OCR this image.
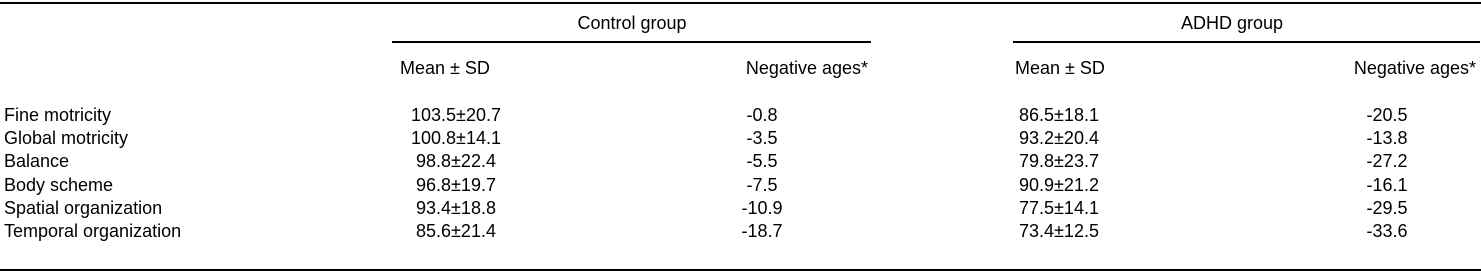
Control group	ADHD group
Mean ± SD	Negative ages*	Mean ± SD	Negative ages*
Fine motricity	103.5±20.7	-0.8	86.5±18.1	-20.5
Global motricity	100.8±14.1	-3.5	93.2±20.4	-13.8
Balance	98.8±22.4	-5.5	79.8±23.7	-27.2
Body scheme	96.8±19.7	-7.5	90.9±21.2	-16.1
Spatial organization	93.4±18.8	-10.9	77.5±14.1	-29.5
Temporal organization	85.6±21.4	-18.7	73.4±12.5	-33.6
